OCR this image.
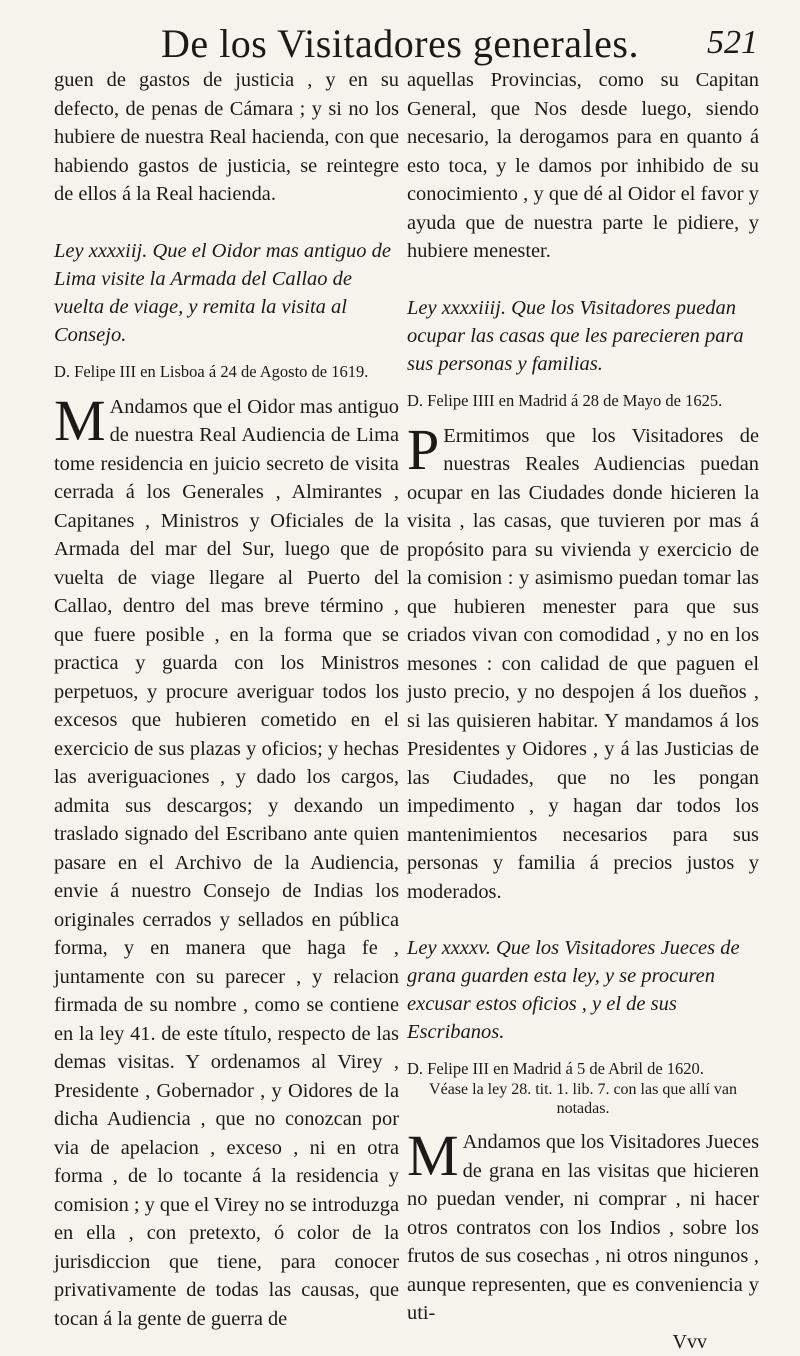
De los Visitadores generales.	521

guen de gastos de justicia , y en su defecto, de penas de Cámara ; y si no los hubiere de nuestra Real hacienda, con que habiendo gastos de justicia, se reintegre de ellos á la Real hacienda.

Ley xxxxiij. Que el Oidor mas antiguo de Lima visite la Armada del Callao de vuelta de viage, y remita la visita al Consejo.

D. Felipe III en Lisboa á 24 de Agosto de 1619.

M Andamos que el Oidor mas antiguo de nuestra Real Audiencia de Lima tome residencia en juicio secreto de visita cerrada á los Generales , Almirantes , Capitanes , Ministros y Oficiales de la Armada del mar del Sur, luego que de vuelta de viage llegare al Puerto del Callao, dentro del mas breve término , que fuere posible , en la forma que se practica y guarda con los Ministros perpetuos, y procure averiguar todos los excesos que hubieren cometido en el exercicio de sus plazas y oficios; y hechas las averiguaciones , y dado los cargos, admita sus descargos; y dexando un traslado signado del Escribano ante quien pasare en el Archivo de la Audiencia, envie á nuestro Consejo de Indias los originales cerrados y sellados en pública forma, y en manera que haga fe , juntamente con su parecer , y relacion firmada de su nombre , como se contiene en la ley 41. de este título, respecto de las demas visitas. Y ordenamos al Virey , Presidente , Gobernador , y Oidores de la dicha Audiencia , que no conozcan por via de apelacion , exceso , ni en otra forma , de lo tocante á la residencia y comision ; y que el Virey no se introduzga en ella , con pretexto, ó color de la jurisdiccion que tiene, para conocer privativamente de todas las causas, que tocan á la gente de guerra de

aquellas Provincias, como su Capitan General, que Nos desde luego, siendo necesario, la derogamos para en quanto á esto toca, y le damos por inhibido de su conocimiento , y que dé al Oidor el favor y ayuda que de nuestra parte le pidiere, y hubiere menester.

Ley xxxxiiij. Que los Visitadores puedan ocupar las casas que les parecieren para sus personas y familias.

D. Felipe IIII en Madrid á 28 de Mayo de 1625.

P Ermitimos que los Visitadores de nuestras Reales Audiencias puedan ocupar en las Ciudades donde hicieren la visita , las casas, que tuvieren por mas á propósito para su vivienda y exercicio de la comision : y asimismo puedan tomar las que hubieren menester para que sus criados vivan con comodidad , y no en los mesones : con calidad de que paguen el justo precio, y no despojen á los dueños , si las quisieren habitar. Y mandamos á los Presidentes y Oidores , y á las Justicias de las Ciudades, que no les pongan impedimento , y hagan dar todos los mantenimientos necesarios para sus personas y familia á precios justos y moderados.

Ley xxxxv. Que los Visitadores Jueces de grana guarden esta ley, y se procuren excusar estos oficios , y el de sus Escribanos.

D. Felipe III en Madrid á 5 de Abril de 1620.

Véase la ley 28. tit. 1. lib. 7. con las que allí van notadas.

M Andamos que los Visitadores Jueces de grana en las visitas que hicieren no puedan vender, ni comprar , ni hacer otros contratos con los Indios , sobre los frutos de sus cosechas , ni otros ningunos , aunque representen, que es conveniencia y uti-

Vvv
